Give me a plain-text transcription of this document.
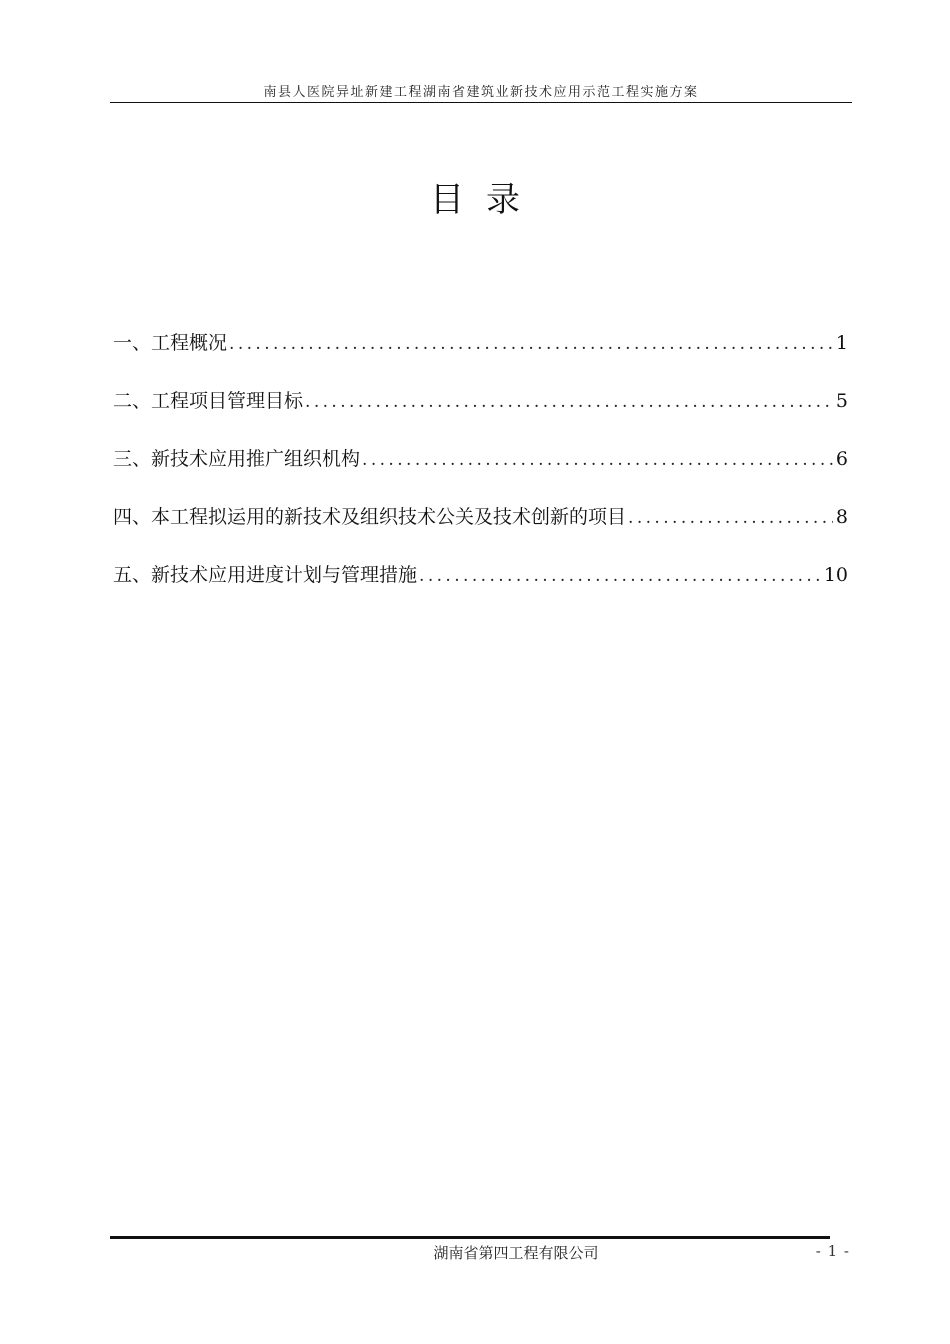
南县人医院异址新建工程湖南省建筑业新技术应用示范工程实施方案
目录
一、工程概况 .....	1
二、工程项目管理目标 .....	5
三、新技术应用推广组织机构 .....	6
四、本工程拟运用的新技术及组织技术公关及技术创新的项目 .....	8
五、新技术应用进度计划与管理措施 .....	10
湖南省第四工程有限公司	- 1 -
